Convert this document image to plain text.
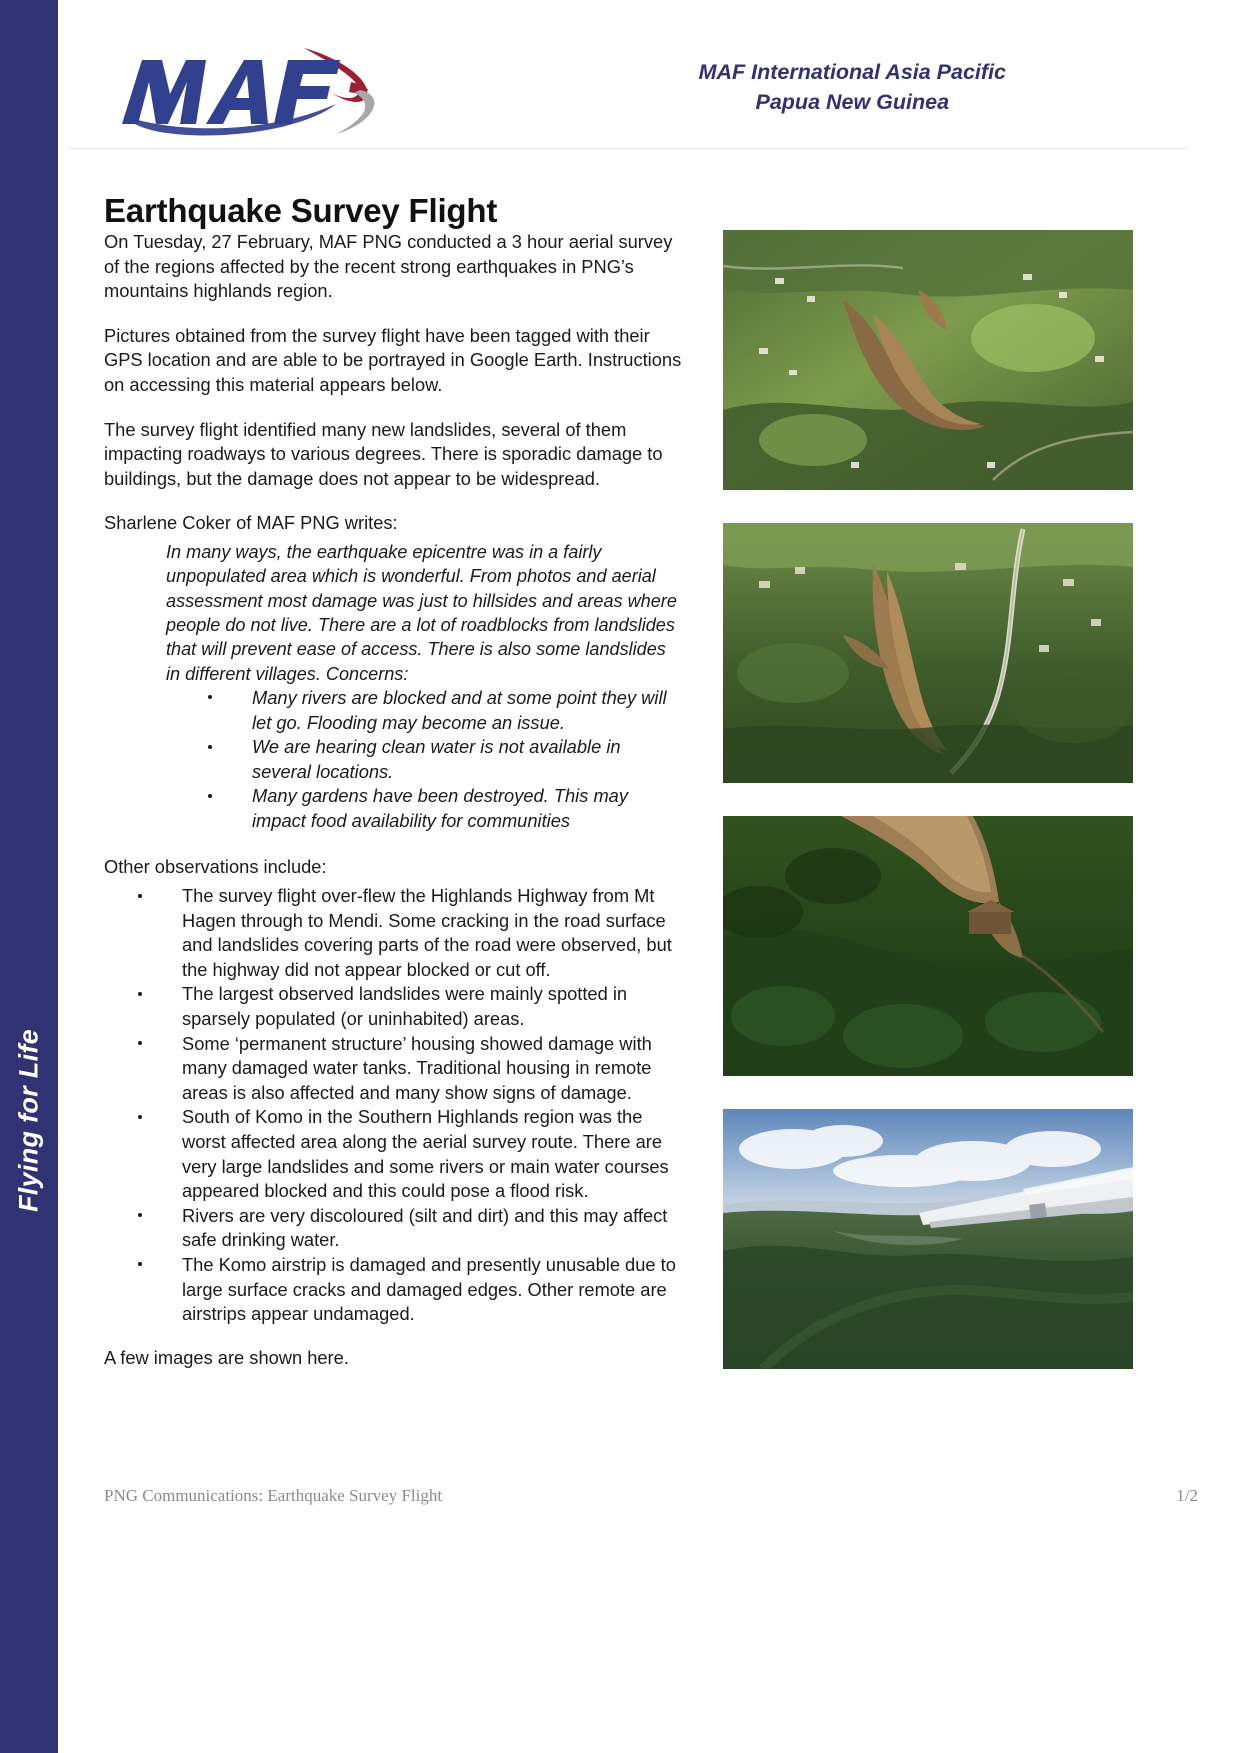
Flying for Life
MAF International Asia Pacific
Papua New Guinea
Earthquake Survey Flight

On Tuesday, 27 February, MAF PNG conducted a 3 hour aerial survey of the regions affected by the recent strong earthquakes in PNG’s mountains highlands region.

Pictures obtained from the survey flight have been tagged with their GPS location and are able to be portrayed in Google Earth. Instructions on accessing this material appears below.

The survey flight identified many new landslides, several of them impacting roadways to various degrees. There is sporadic damage to buildings, but the damage does not appear to be widespread.

Sharlene Coker of MAF PNG writes:

In many ways, the earthquake epicentre was in a fairly unpopulated area which is wonderful. From photos and aerial assessment most damage was just to hillsides and areas where people do not live. There are a lot of roadblocks from landslides that will prevent ease of access. There is also some landslides in different villages. Concerns:

Many rivers are blocked and at some point they will let go. Flooding may become an issue.
We are hearing clean water is not available in several locations.
Many gardens have been destroyed. This may impact food availability for communities

Other observations include:

The survey flight over-flew the Highlands Highway from Mt Hagen through to Mendi. Some cracking in the road surface and landslides covering parts of the road were observed, but the highway did not appear blocked or cut off.
The largest observed landslides were mainly spotted in sparsely populated (or uninhabited) areas.
Some ‘permanent structure’ housing showed damage with many damaged water tanks. Traditional housing in remote areas is also affected and many show signs of damage.
South of Komo in the Southern Highlands region was the worst affected area along the aerial survey route. There are very large landslides and some rivers or main water courses appeared blocked and this could pose a flood risk.
Rivers are very discoloured (silt and dirt) and this may affect safe drinking water.
The Komo airstrip is damaged and presently unusable due to large surface cracks and damaged edges. Other remote are airstrips appear undamaged.

A few images are shown here.

PNG Communications: Earthquake Survey Flight	1/2
